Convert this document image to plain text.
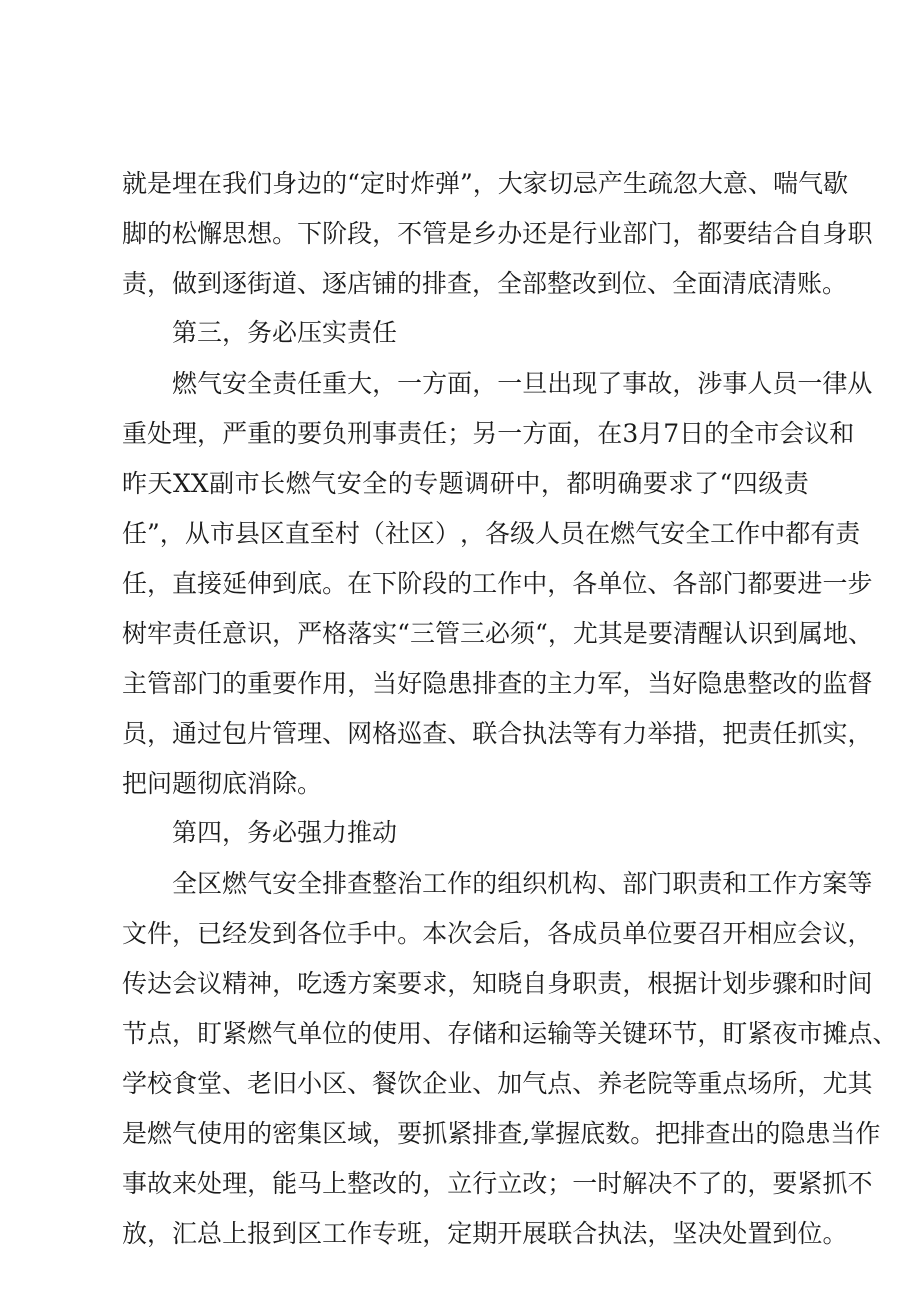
就 是 埋 在 我 们 身 边 的 “ 定 时 炸 弹 ” ， 大 家 切 忌 产 生 疏 忽 大 意 、 喘 气 歇
脚 的 松 懈 思 想 。 下 阶 段 ， 不 管 是 乡 办 还 是 行 业 部 门 ， 都 要 结 合 自 身 职
责，做到逐街道、逐店铺的排查，全部整改到位、全面清底清账。
第三，务必压实责任
燃 气 安 全 责 任 重 大 ， 一 方 面 ， 一 旦 出 现 了 事 故 ， 涉 事 人 员 一 律 从
重 处 理 ， 严 重 的 要 负 刑 事 责 任 ； 另 一 方 面 ， 在 3 月 7 日 的 全 市 会 议 和
昨 天 XX 副 市 长 燃 气 安 全 的 专 题 调 研 中 ， 都 明 确 要 求 了 “ 四 级 责
任 ” ， 从 市 县 区 直 至 村 （ 社 区 ） ， 各 级 人 员 在 燃 气 安 全 工 作 中 都 有 责
任 ， 直 接 延 伸 到 底 。 在 下 阶 段 的 工 作 中 ， 各 单 位 、 各 部 门 都 要 进 一 步
树 牢 责 任 意 识 ， 严 格 落 实 “ 三 管 三 必 须 “ ， 尤 其 是 要 清 醒 认 识 到 属 地 、
主 管 部 门 的 重 要 作 用 ， 当 好 隐 患 排 查 的 主 力 军 ， 当 好 隐 患 整 改 的 监 督
员 ， 通 过 包 片 管 理 、 网 格 巡 查 、 联 合 执 法 等 有 力 举 措 ， 把 责 任 抓 实 ，
把问题彻底消除。
第四，务必强力推动
全 区 燃 气 安 全 排 查 整 治 工 作 的 组 织 机 构 、 部 门 职 责 和 工 作 方 案 等
文 件 ， 已 经 发 到 各 位 手 中 。 本 次 会 后 ， 各 成 员 单 位 要 召 开 相 应 会 议 ，
传 达 会 议 精 神 ， 吃 透 方 案 要 求 ， 知 晓 自 身 职 责 ， 根 据 计 划 步 骤 和 时 间
节 点 ， 盯 紧 燃 气 单 位 的 使 用 、 存 储 和 运 输 等 关 键 环 节 ， 盯 紧 夜 市 摊 点 、
学 校 食 堂 、 老 旧 小 区 、 餐 饮 企 业 、 加 气 点 、 养 老 院 等 重 点 场 所 ， 尤 其
是 燃 气 使 用 的 密 集 区 域 ， 要 抓 紧 排 查 , 掌 握 底 数 。 把 排 查 出 的 隐 患 当 作
事 故 来 处 理 ， 能 马 上 整 改 的 ， 立 行 立 改 ； 一 时 解 决 不 了 的 ， 要 紧 抓 不
放 ， 汇 总 上 报 到 区 工 作 专 班 ， 定 期 开 展 联 合 执 法 ， 坚 决 处 置 到 位 。
